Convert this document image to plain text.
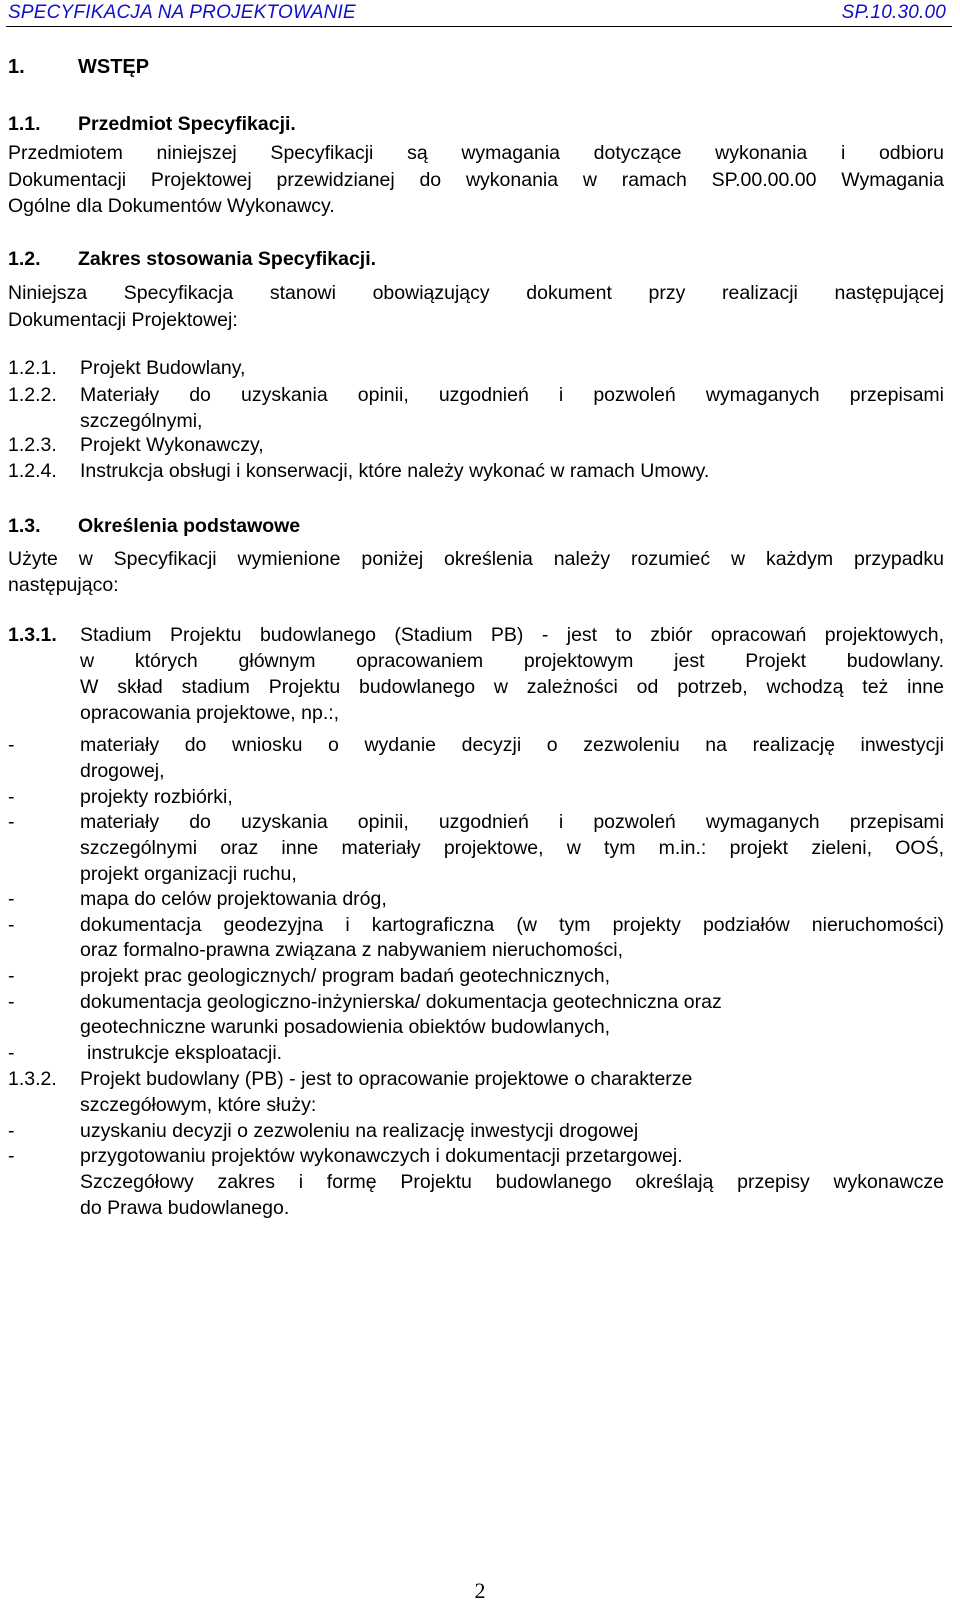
SPECYFIKACJA NA PROJEKTOWANIE	SP.10.30.00
1.	WSTĘP
1.1. Przedmiot Specyfikacji.
Przedmiotem niniejszej Specyfikacji są wymagania dotyczące wykonania i odbioru
Dokumentacji Projektowej przewidzianej do wykonania w ramach SP.00.00.00 Wymagania
Ogólne dla Dokumentów Wykonawcy.
1.2. Zakres stosowania Specyfikacji.
Niniejsza Specyfikacja stanowi obowiązujący dokument przy realizacji następującej
Dokumentacji Projektowej:
1.2.1. Projekt Budowlany,
1.2.2. Materiały do uzyskania opinii, uzgodnień i pozwoleń wymaganych przepisami
szczególnymi,
1.2.3. Projekt Wykonawczy,
1.2.4. Instrukcja obsługi i konserwacji, które należy wykonać w ramach Umowy.
1.3. Określenia podstawowe
Użyte w Specyfikacji wymienione poniżej określenia należy rozumieć w każdym przypadku
następująco:
1.3.1. Stadium Projektu budowlanego (Stadium PB) - jest to zbiór opracowań projektowych,
w których głównym opracowaniem projektowym jest Projekt budowlany.
W skład stadium Projektu budowlanego w zależności od potrzeb, wchodzą też inne
opracowania projektowe, np.:,
-	materiały do wniosku o wydanie decyzji o zezwoleniu na realizację inwestycji
drogowej,
-	projekty rozbiórki,
-	materiały do uzyskania opinii, uzgodnień i pozwoleń wymaganych przepisami
szczególnymi oraz inne materiały projektowe, w tym m.in.: projekt zieleni, OOŚ,
projekt organizacji ruchu,
-	mapa do celów projektowania dróg,
-	dokumentacja geodezyjna i kartograficzna (w tym projekty podziałów nieruchomości)
oraz formalno-prawna związana z nabywaniem nieruchomości,
-	projekt prac geologicznych/ program badań geotechnicznych,
-	dokumentacja geologiczno-inżynierska/ dokumentacja geotechniczna oraz
geotechniczne warunki posadowienia obiektów budowlanych,
-	instrukcje eksploatacji.
1.3.2. Projekt budowlany (PB) - jest to opracowanie projektowe o charakterze
szczegółowym, które służy:
-	uzyskaniu decyzji o zezwoleniu na realizację inwestycji drogowej
-	przygotowaniu projektów wykonawczych i dokumentacji przetargowej.
Szczegółowy zakres i formę Projektu budowlanego określają przepisy wykonawcze
do Prawa budowlanego.
2
